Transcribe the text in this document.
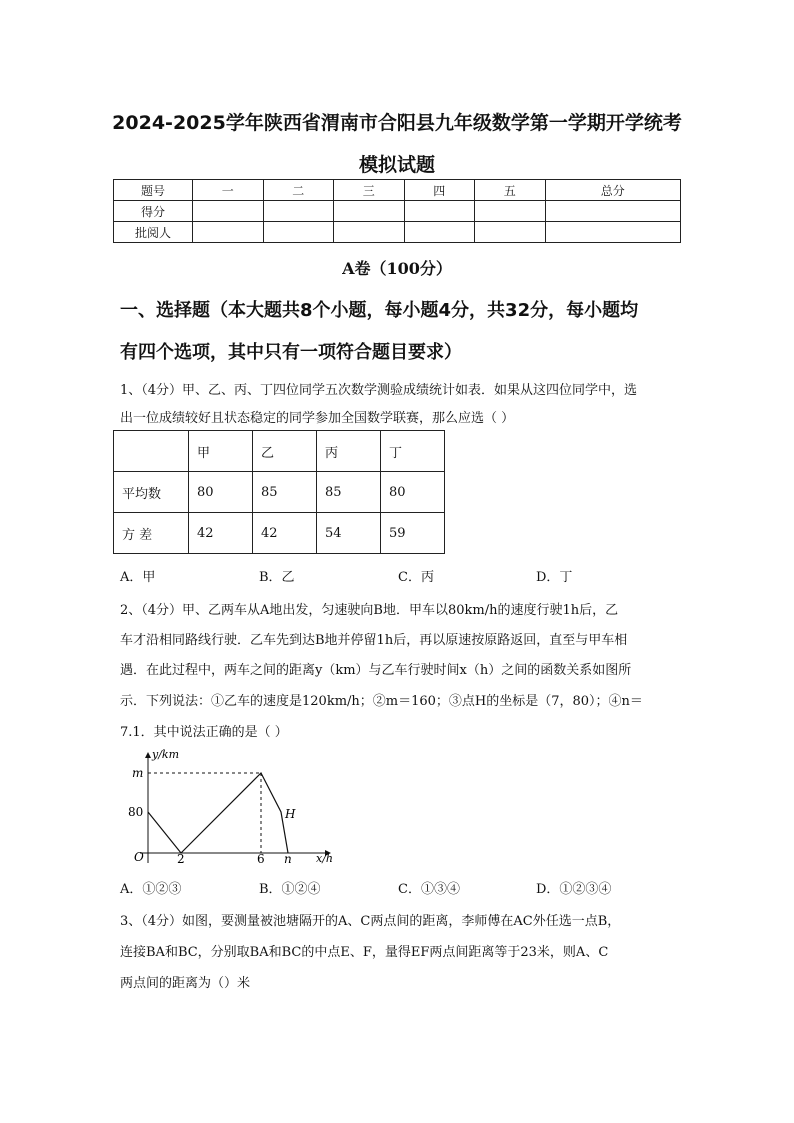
2024-2025学年陕西省渭南市合阳县九年级数学第一学期开学统考
模拟试题
题号	一	二	三	四	五	总分
得分						
批阅人						
A卷（100分）
一、选择题（本大题共8个小题，每小题4分，共32分，每小题均
有四个选项，其中只有一项符合题目要求）
1、（4分）甲、乙、丙、丁四位同学五次数学测验成绩统计如表．如果从这四位同学中，选
出一位成绩较好且状态稳定的同学参加全国数学联赛，那么应选（ ）
	甲	乙	丙	丁
平均数	80	85	85	80
方 差	42	42	54	59
A．甲	B．乙	C．丙	D．丁
2、（4分）甲、乙两车从A地出发，匀速驶向B地．甲车以80km/h的速度行驶1h后，乙
车才沿相同路线行驶．乙车先到达B地并停留1h后，再以原速按原路返回，直至与甲车相
遇．在此过程中，两车之间的距离y（km）与乙车行驶时间x（h）之间的函数关系如图所
示．下列说法：①乙车的速度是120km/h；②m＝160；③点H的坐标是（7，80）；④n＝
7.1．其中说法正确的是（ ）
y/km
x/h
m
80
O	2	6 n
H
A．①②③	B．①②④	C．①③④	D．①②③④
3、（4分）如图，要测量被池塘隔开的A、C两点间的距离，李师傅在AC外任选一点B，
连接BA和BC，分别取BA和BC的中点E、F，量得EF两点间距离等于23米，则A、C
两点间的距离为（）米
